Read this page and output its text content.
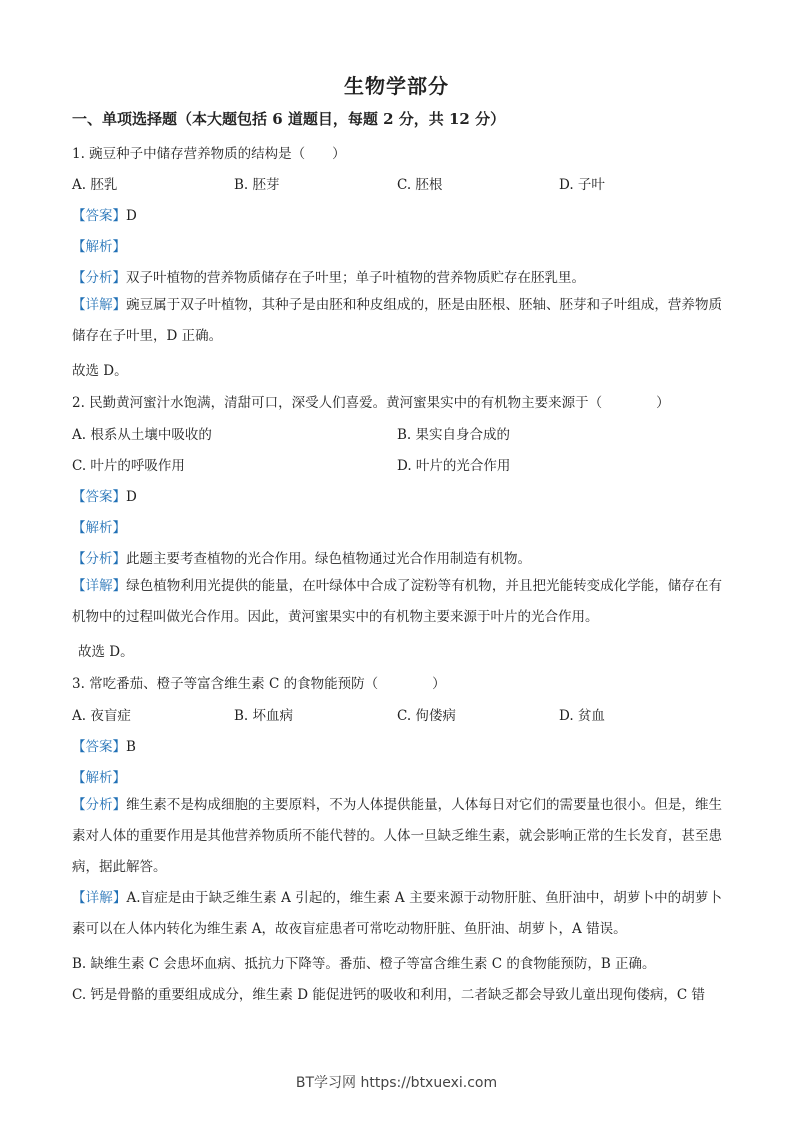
生物学部分
一、单项选择题（本大题包括 6 道题目，每题 2 分，共 12 分）
1. 豌豆种子中储存营养物质的结构是（　　）
A. 胚乳	B. 胚芽	C. 胚根	D. 子叶
【答案】D
【解析】
【分析】双子叶植物的营养物质储存在子叶里；单子叶植物的营养物质贮存在胚乳里。
【详解】豌豆属于双子叶植物，其种子是由胚和种皮组成的，胚是由胚根、胚轴、胚芽和子叶组成，营养物质储存在子叶里，D 正确。
故选 D。
2. 民勤黄河蜜汁水饱满，清甜可口，深受人们喜爱。黄河蜜果实中的有机物主要来源于（　　　　）
A. 根系从土壤中吸收的	B. 果实自身合成的
C. 叶片的呼吸作用	D. 叶片的光合作用
【答案】D
【解析】
【分析】此题主要考查植物的光合作用。绿色植物通过光合作用制造有机物。
【详解】绿色植物利用光提供的能量，在叶绿体中合成了淀粉等有机物，并且把光能转变成化学能，储存在有机物中的过程叫做光合作用。因此，黄河蜜果实中的有机物主要来源于叶片的光合作用。
故选 D。
3. 常吃番茄、橙子等富含维生素 C 的食物能预防（　　　　）
A. 夜盲症	B. 坏血病	C. 佝偻病	D. 贫血
【答案】B
【解析】
【分析】维生素不是构成细胞的主要原料，不为人体提供能量，人体每日对它们的需要量也很小。但是，维生素对人体的重要作用是其他营养物质所不能代替的。人体一旦缺乏维生素，就会影响正常的生长发育，甚至患病，据此解答。
【详解】A.盲症是由于缺乏维生素 A 引起的，维生素 A 主要来源于动物肝脏、鱼肝油中，胡萝卜中的胡萝卜素可以在人体内转化为维生素 A，故夜盲症患者可常吃动物肝脏、鱼肝油、胡萝卜，A 错误。
B. 缺维生素 C 会患坏血病、抵抗力下降等。番茄、橙子等富含维生素 C 的食物能预防，B 正确。
C. 钙是骨骼的重要组成成分，维生素 D 能促进钙的吸收和利用，二者缺乏都会导致儿童出现佝偻病，C 错
BT学习网 https://btxuexi.com
